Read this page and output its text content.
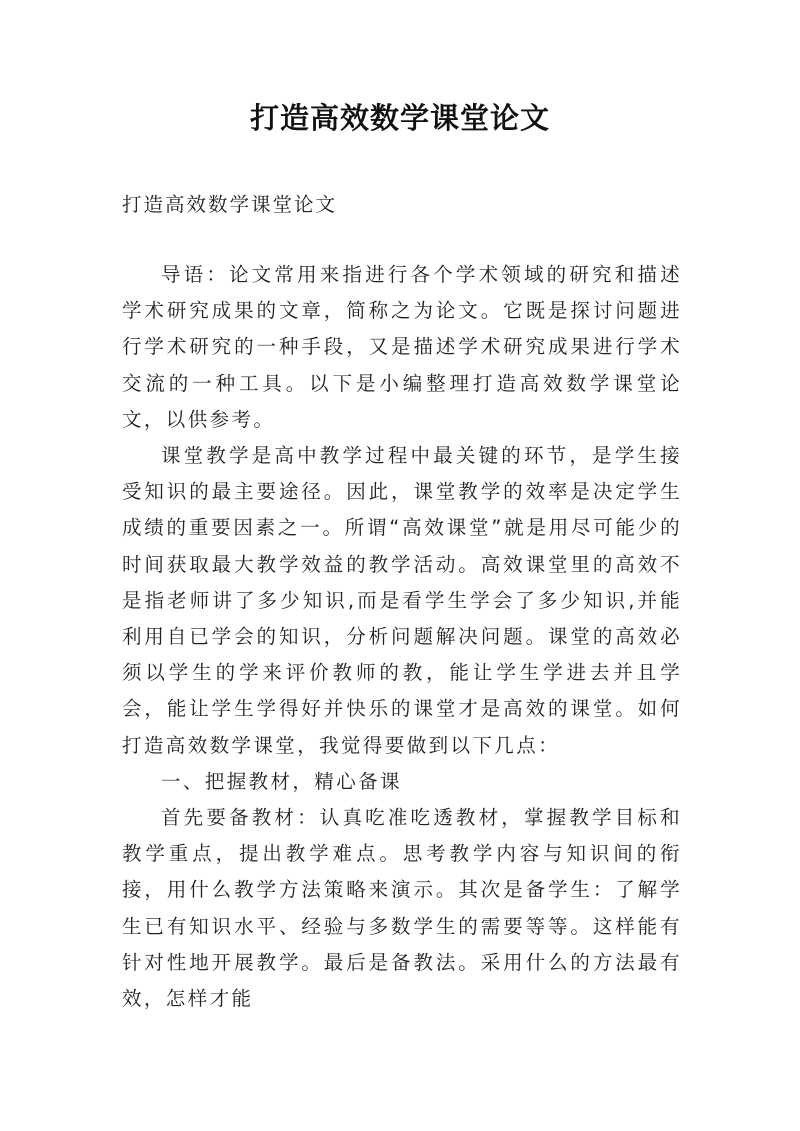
打造高效数学课堂论文

打造高效数学课堂论文

导语：论文常用来指进行各个学术领域的研究和描述学术研究成果的文章，简称之为论文。它既是探讨问题进行学术研究的一种手段，又是描述学术研究成果进行学术交流的一种工具。以下是小编整理打造高效数学课堂论文，以供参考。

课堂教学是高中教学过程中最关键的环节，是学生接受知识的最主要途径。因此，课堂教学的效率是决定学生成绩的重要因素之一。所谓“高效课堂”就是用尽可能少的时间获取最大教学效益的教学活动。高效课堂里的高效不是指老师讲了多少知识,而是看学生学会了多少知识,并能利用自已学会的知识，分析问题解决问题。课堂的高效必须以学生的学来评价教师的教，能让学生学进去并且学会，能让学生学得好并快乐的课堂才是高效的课堂。如何打造高效数学课堂，我觉得要做到以下几点：

一、把握教材，精心备课

首先要备教材：认真吃准吃透教材，掌握教学目标和教学重点，提出教学难点。思考教学内容与知识间的衔接，用什么教学方法策略来演示。其次是备学生：了解学生已有知识水平、经验与多数学生的需要等等。这样能有针对性地开展教学。最后是备教法。采用什么的方法最有效，怎样才能
